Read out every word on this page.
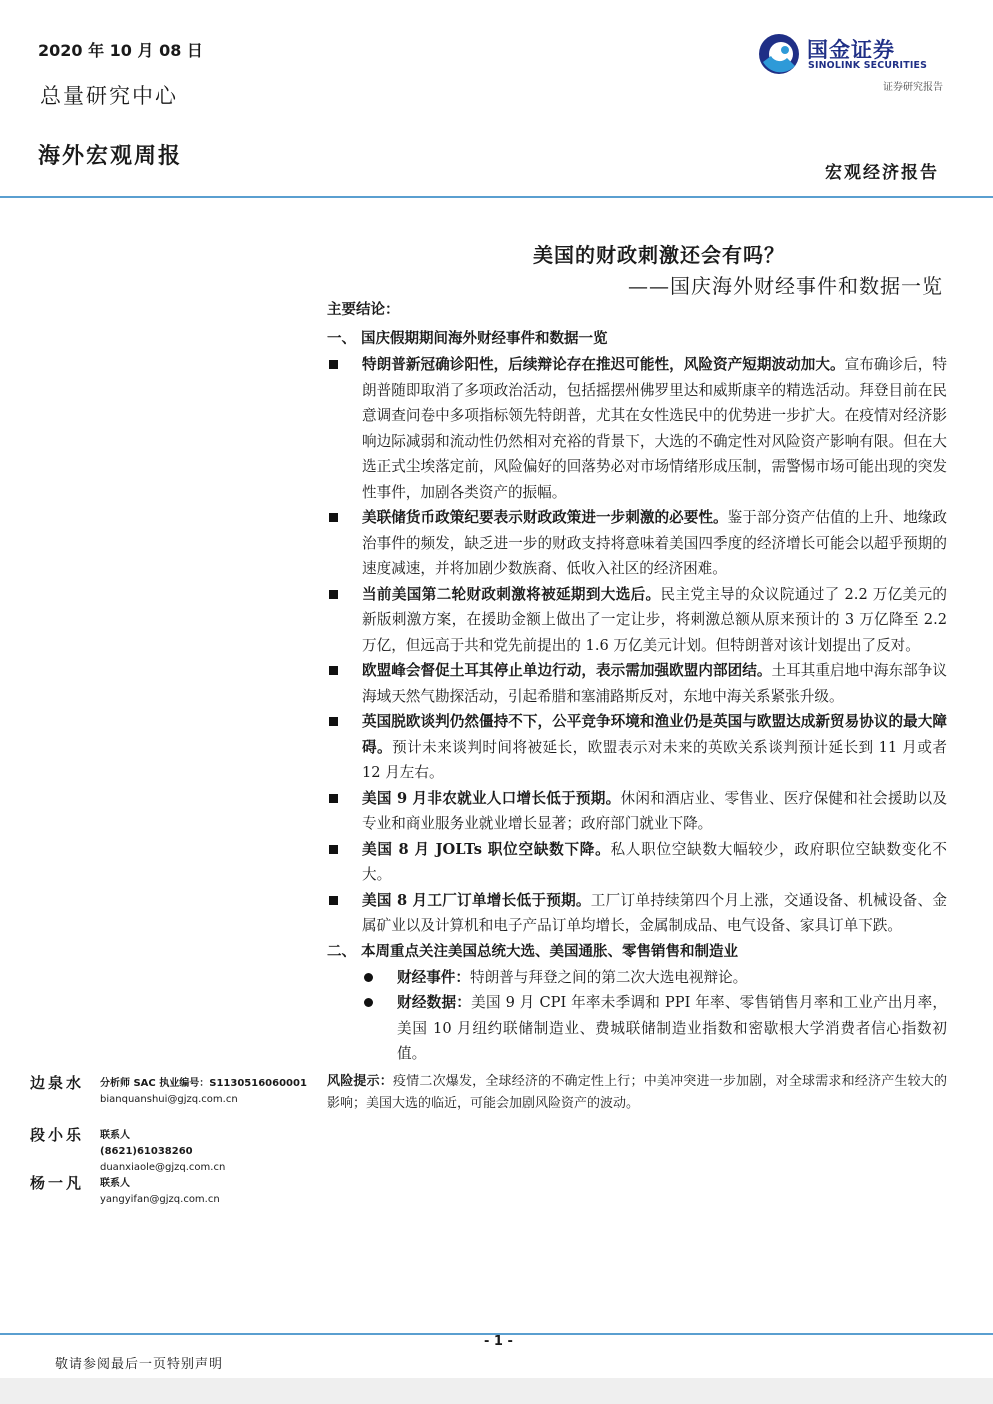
2020 年 10 月 08 日
总量研究中心
海外宏观周报
国金证券
SINOLINK SECURITIES
证券研究报告
宏观经济报告
美国的财政刺激还会有吗？
——国庆海外财经事件和数据一览

主要结论：

一、 国庆假期期间海外财经事件和数据一览

特朗普新冠确诊阳性，后续辩论存在推迟可能性，风险资产短期波动加大。宣布确诊后，特朗普随即取消了多项政治活动，包括摇摆州佛罗里达和威斯康辛的精选活动。拜登目前在民意调查问卷中多项指标领先特朗普，尤其在女性选民中的优势进一步扩大。在疫情对经济影响边际减弱和流动性仍然相对充裕的背景下，大选的不确定性对风险资产影响有限。但在大选正式尘埃落定前，风险偏好的回落势必对市场情绪形成压制，需警惕市场可能出现的突发性事件，加剧各类资产的振幅。
美联储货币政策纪要表示财政政策进一步刺激的必要性。鉴于部分资产估值的上升、地缘政治事件的频发，缺乏进一步的财政支持将意味着美国四季度的经济增长可能会以超乎预期的速度减速，并将加剧少数族裔、低收入社区的经济困难。
当前美国第二轮财政刺激将被延期到大选后。民主党主导的众议院通过了 2.2 万亿美元的新版刺激方案，在援助金额上做出了一定让步，将刺激总额从原来预计的 3 万亿降至 2.2 万亿，但远高于共和党先前提出的 1.6 万亿美元计划。但特朗普对该计划提出了反对。
欧盟峰会督促土耳其停止单边行动，表示需加强欧盟内部团结。土耳其重启地中海东部争议海域天然气勘探活动，引起希腊和塞浦路斯反对，东地中海关系紧张升级。
英国脱欧谈判仍然僵持不下，公平竞争环境和渔业仍是英国与欧盟达成新贸易协议的最大障碍。预计未来谈判时间将被延长，欧盟表示对未来的英欧关系谈判预计延长到 11 月或者 12 月左右。
美国 9 月非农就业人口增长低于预期。休闲和酒店业、零售业、医疗保健和社会援助以及专业和商业服务业就业增长显著；政府部门就业下降。
美国 8 月 JOLTs 职位空缺数下降。私人职位空缺数大幅较少，政府职位空缺数变化不大。
美国 8 月工厂订单增长低于预期。工厂订单持续第四个月上涨，交通设备、机械设备、金属矿业以及计算机和电子产品订单均增长，金属制成品、电气设备、家具订单下跌。

二、 本周重点关注美国总统大选、美国通胀、零售销售和制造业

财经事件：特朗普与拜登之间的第二次大选电视辩论。
财经数据：美国 9 月 CPI 年率未季调和 PPI 年率、零售销售月率和工业产出月率，美国 10 月纽约联储制造业、费城联储制造业指数和密歇根大学消费者信心指数初值。

风险提示：疫情二次爆发，全球经济的不确定性上行；中美冲突进一步加剧，对全球需求和经济产生较大的影响；美国大选的临近，可能会加剧风险资产的波动。

边泉水 分析师 SAC 执业编号：S1130516060001
bianquanshui@gjzq.com.cn
段小乐 联系人
(8621)61038260
duanxiaole@gjzq.com.cn
杨一凡 联系人
yangyifan@gjzq.com.cn
- 1 -
敬请参阅最后一页特别声明
